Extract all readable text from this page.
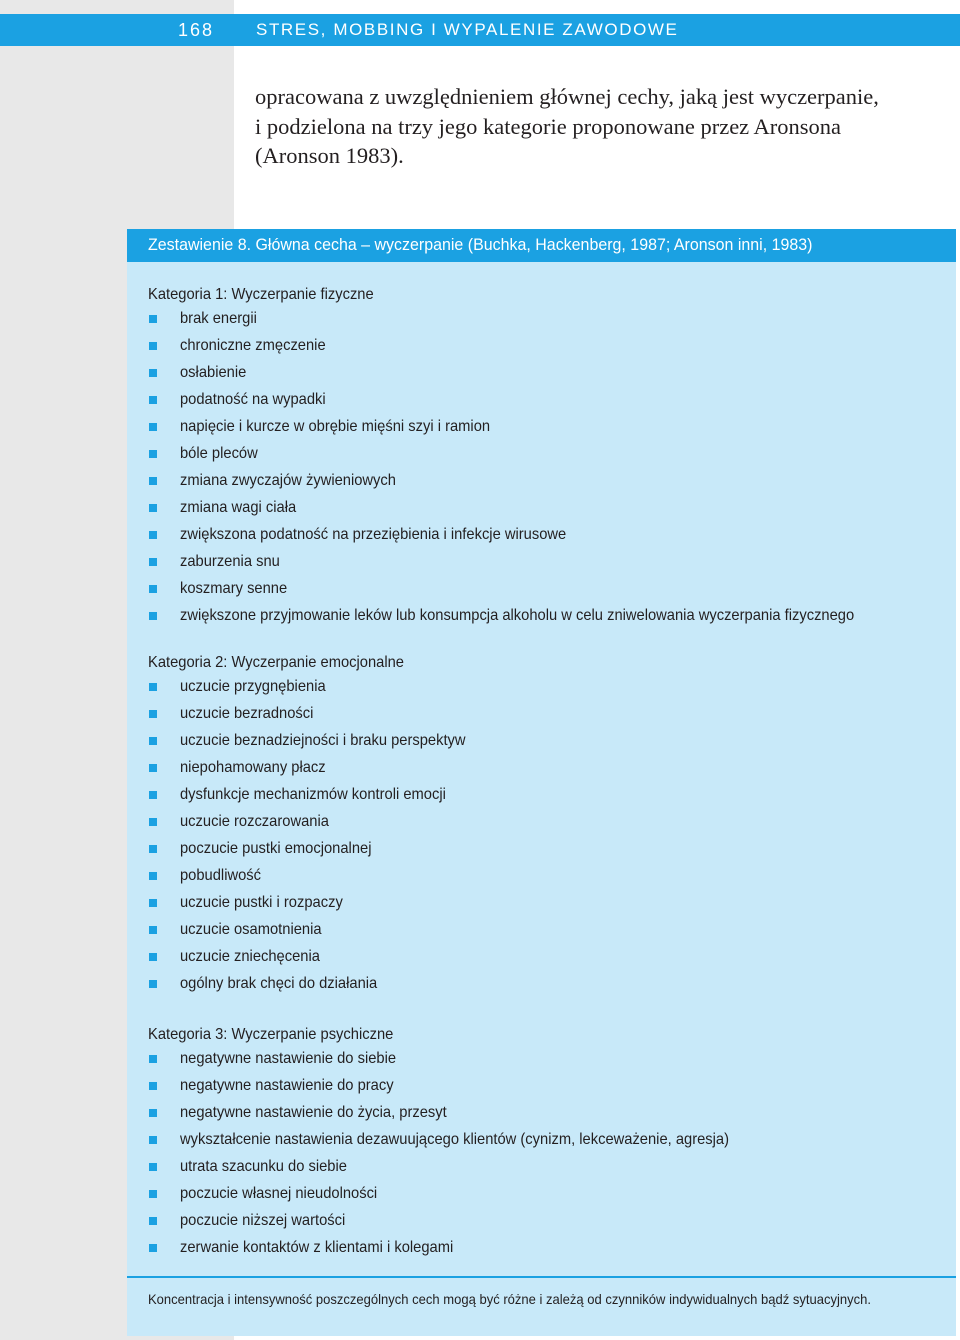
168 STRES, MOBBING I WYPALENIE ZAWODOWE
opracowana z uwzględnieniem głównej cechy, jaką jest wyczerpanie,
i podzielona na trzy jego kategorie proponowane przez Aronsona
(Aronson 1983).
Zestawienie 8. Główna cecha – wyczerpanie (Buchka, Hackenberg, 1987; Aronson inni, 1983)
Koncentracja i intensywność poszczególnych cech mogą być różne i zależą od czynników indywidualnych bądź sytuacyjnych.
Kategoria 1: Wyczerpanie fizyczne
brak energii
chroniczne zmęczenie
osłabienie
podatność na wypadki
napięcie i kurcze w obrębie mięśni szyi i ramion
bóle pleców
zmiana zwyczajów żywieniowych
zmiana wagi ciała
zwiększona podatność na przeziębienia i infekcje wirusowe
zaburzenia snu
koszmary senne
zwiększone przyjmowanie leków lub konsumpcja alkoholu w celu zniwelowania wyczerpania fizycznego
Kategoria 2: Wyczerpanie emocjonalne
uczucie przygnębienia
uczucie bezradności
uczucie beznadziejności i braku perspektyw
niepohamowany płacz
dysfunkcje mechanizmów kontroli emocji
uczucie rozczarowania
poczucie pustki emocjonalnej
pobudliwość
uczucie pustki i rozpaczy
uczucie osamotnienia
uczucie zniechęcenia
ogólny brak chęci do działania
Kategoria 3: Wyczerpanie psychiczne
negatywne nastawienie do siebie
negatywne nastawienie do pracy
negatywne nastawienie do życia, przesyt
wykształcenie nastawienia dezawuującego klientów (cynizm, lekceważenie, agresja)
utrata szacunku do siebie
poczucie własnej nieudolności
poczucie niższej wartości
zerwanie kontaktów z klientami i kolegami
